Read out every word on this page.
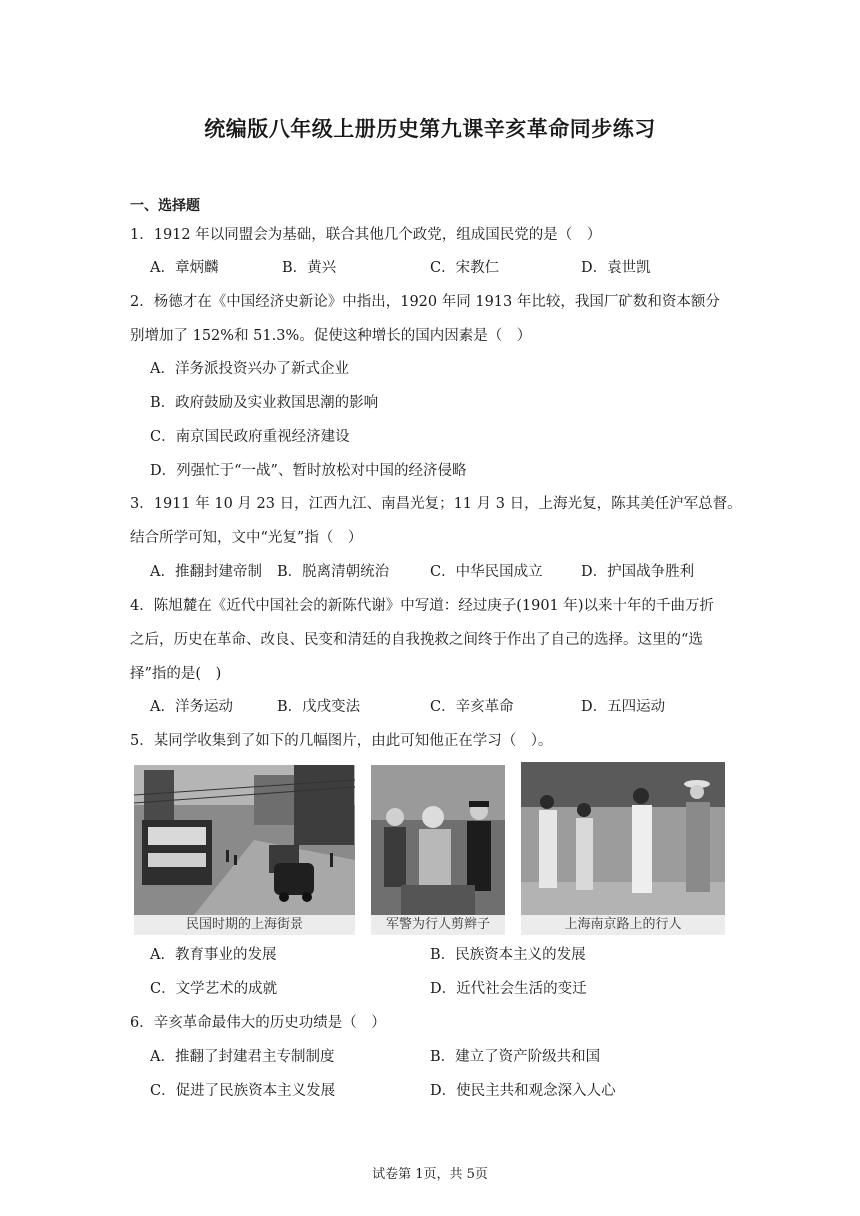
统编版八年级上册历史第九课辛亥革命同步练习
一、选择题
1．1912 年以同盟会为基础，联合其他几个政党，组成国民党的是（　）
A．章炳麟	B．黄兴	C．宋教仁	D．袁世凯
2．杨德才在《中国经济史新论》中指出，1920 年同 1913 年比较，我国厂矿数和资本额分
别增加了 152%和 51.3%。促使这种增长的国内因素是（　）
A．洋务派投资兴办了新式企业
B．政府鼓励及实业救国思潮的影响
C．南京国民政府重视经济建设
D．列强忙于“一战”、暂时放松对中国的经济侵略
3．1911 年 10 月 23 日，江西九江、南昌光复；11 月 3 日，上海光复，陈其美任沪军总督。
结合所学可知，文中“光复”指（　）
A．推翻封建帝制 B．脱离清朝统治	C．中华民国成立	D．护国战争胜利
4．陈旭麓在《近代中国社会的新陈代谢》中写道：经过庚子(1901 年)以来十年的千曲万折
之后，历史在革命、改良、民变和清廷的自我挽救之间终于作出了自己的选择。这里的“选
择”指的是(　)
A．洋务运动	B．戊戌变法	C．辛亥革命	D．五四运动
5．某同学收集到了如下的几幅图片，由此可知他正在学习（　）。
民国时期的上海街景	军警为行人剪辫子	上海南京路上的行人
A．教育事业的发展	B．民族资本主义的发展
C．文学艺术的成就	D．近代社会生活的变迁
6．辛亥革命最伟大的历史功绩是（　）
A．推翻了封建君主专制制度	B．建立了资产阶级共和国
C．促进了民族资本主义发展	D．使民主共和观念深入人心
试卷第 1页，共 5页
